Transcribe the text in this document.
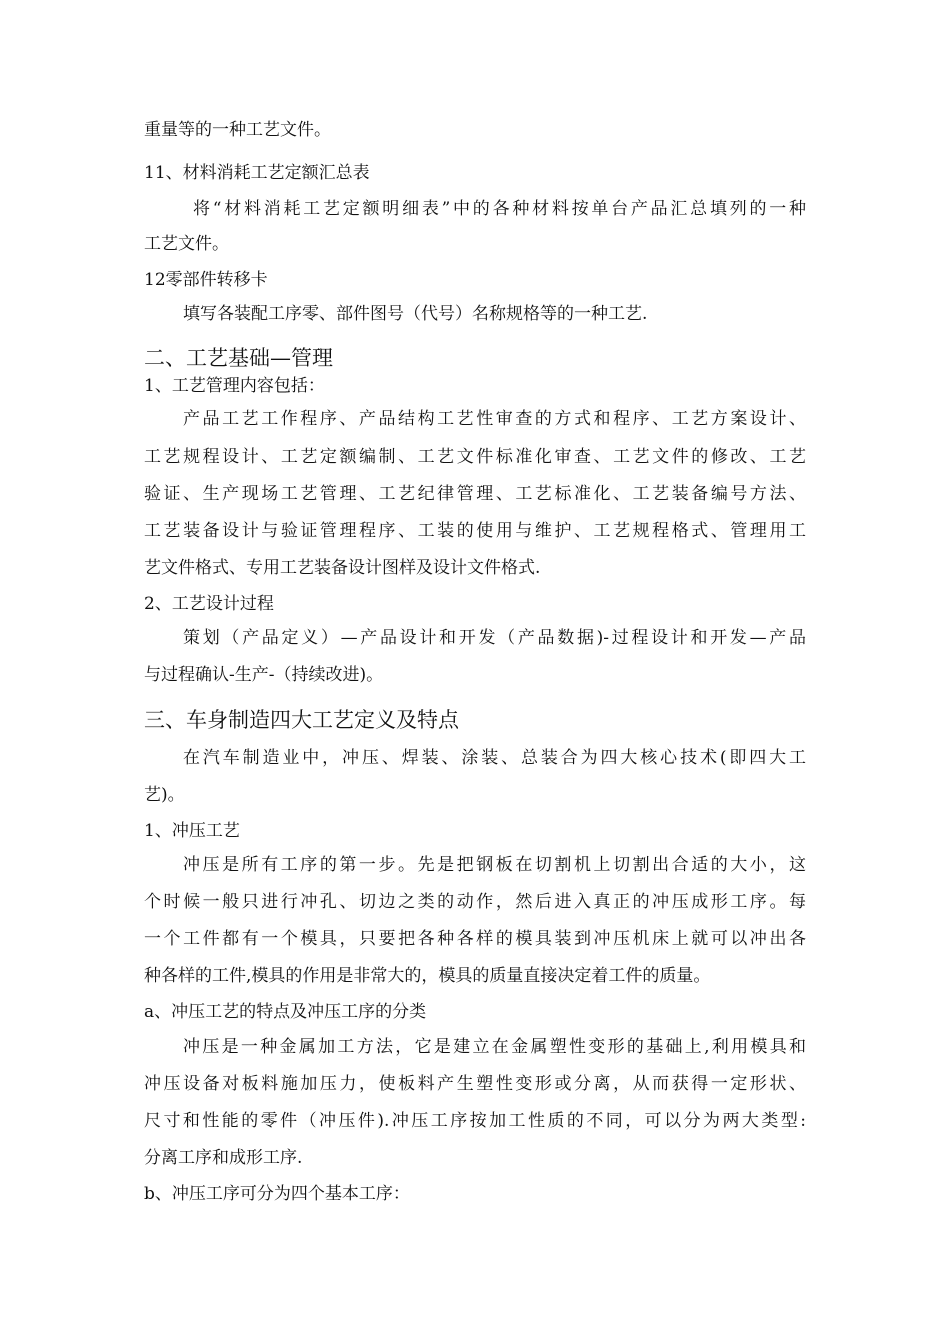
重量等的一种工艺文件。
11、材料消耗工艺定额汇总表
将“材料消耗工艺定额明细表”中的各种材料按单台产品汇总填列的一种
工艺文件。
12零部件转移卡
填写各装配工序零、部件图号（代号）名称规格等的一种工艺.
二、工艺基础—管理
1、工艺管理内容包括：
产品工艺工作程序、产品结构工艺性审查的方式和程序、工艺方案设计、
工艺规程设计、工艺定额编制、工艺文件标准化审查、工艺文件的修改、工艺
验证、生产现场工艺管理、工艺纪律管理、工艺标准化、工艺装备编号方法、
工艺装备设计与验证管理程序、工装的使用与维护、工艺规程格式、管理用工
艺文件格式、专用工艺装备设计图样及设计文件格式.
2、工艺设计过程
策划（产品定义）—产品设计和开发（产品数据)-过程设计和开发—产品
与过程确认-生产-（持续改进)。
三、车身制造四大工艺定义及特点
在汽车制造业中，冲压、焊装、涂装、总装合为四大核心技术(即四大工
艺)。
1、冲压工艺
冲压是所有工序的第一步。先是把钢板在切割机上切割出合适的大小，这
个时候一般只进行冲孔、切边之类的动作，然后进入真正的冲压成形工序。每
一个工件都有一个模具，只要把各种各样的模具装到冲压机床上就可以冲出各
种各样的工件,模具的作用是非常大的，模具的质量直接决定着工件的质量。
a、冲压工艺的特点及冲压工序的分类
冲压是一种金属加工方法，它是建立在金属塑性变形的基础上,利用模具和
冲压设备对板料施加压力，使板料产生塑性变形或分离，从而获得一定形状、
尺寸和性能的零件（冲压件).冲压工序按加工性质的不同，可以分为两大类型:
分离工序和成形工序.
b、冲压工序可分为四个基本工序：
